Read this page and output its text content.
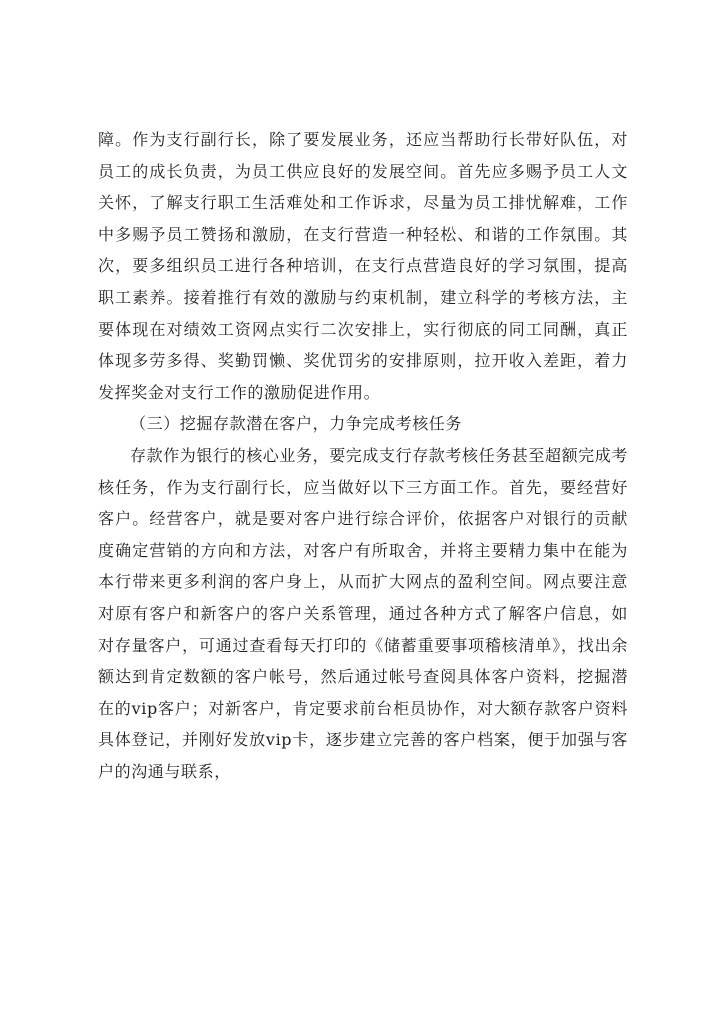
障。作为支行副行长，除了要发展业务，还应当帮助行长带好队伍，对员工的成长负责，为员工供应良好的发展空间。首先应多赐予员工人文关怀，了解支行职工生活难处和工作诉求，尽量为员工排忧解难，工作中多赐予员工赞扬和激励，在支行营造一种轻松、和谐的工作氛围。其次，要多组织员工进行各种培训，在支行点营造良好的学习氛围，提高职工素养。接着推行有效的激励与约束机制，建立科学的考核方法，主要体现在对绩效工资网点实行二次安排上，实行彻底的同工同酬，真正体现多劳多得、奖勤罚懒、奖优罚劣的安排原则，拉开收入差距，着力发挥奖金对支行工作的激励促进作用。

（三）挖掘存款潜在客户，力争完成考核任务

存款作为银行的核心业务，要完成支行存款考核任务甚至超额完成考核任务，作为支行副行长，应当做好以下三方面工作。首先，要经营好客户。经营客户，就是要对客户进行综合评价，依据客户对银行的贡献度确定营销的方向和方法，对客户有所取舍，并将主要精力集中在能为本行带来更多利润的客户身上，从而扩大网点的盈利空间。网点要注意对原有客户和新客户的客户关系管理，通过各种方式了解客户信息，如对存量客户，可通过查看每天打印的《储蓄重要事项稽核清单》，找出余额达到肯定数额的客户帐号，然后通过帐号查阅具体客户资料，挖掘潜在的vip客户；对新客户，肯定要求前台柜员协作，对大额存款客户资料具体登记，并刚好发放vip卡，逐步建立完善的客户档案，便于加强与客户的沟通与联系，
